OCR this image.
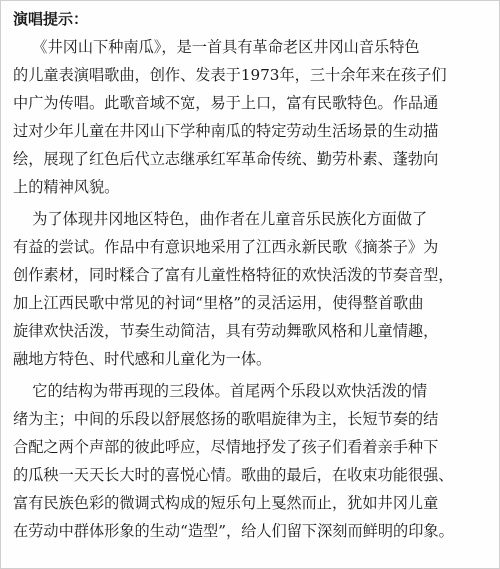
演唱提示：
《井冈山下种南瓜》，是一首具有革命老区井冈山音乐特色
的儿童表演唱歌曲，创作、发表于1973年，三十余年来在孩子们
中广为传唱。此歌音域不宽，易于上口，富有民歌特色。作品通
过对少年儿童在井冈山下学种南瓜的特定劳动生活场景的生动描
绘，展现了红色后代立志继承红军革命传统、勤劳朴素、蓬勃向
上的精神风貌。
为了体现井冈地区特色，曲作者在儿童音乐民族化方面做了
有益的尝试。作品中有意识地采用了江西永新民歌《摘茶子》为
创作素材，同时糅合了富有儿童性格特征的欢快活泼的节奏音型，
加上江西民歌中常见的衬词“里格”的灵活运用，使得整首歌曲
旋律欢快活泼，节奏生动简洁，具有劳动舞歌风格和儿童情趣，
融地方特色、时代感和儿童化为一体。
它的结构为带再现的三段体。首尾两个乐段以欢快活泼的情
绪为主；中间的乐段以舒展悠扬的歌唱旋律为主，长短节奏的结
合配之两个声部的彼此呼应，尽情地抒发了孩子们看着亲手种下
的瓜秧一天天长大时的喜悦心情。歌曲的最后，在收束功能很强、
富有民族色彩的微调式构成的短乐句上戛然而止，犹如井冈儿童
在劳动中群体形象的生动“造型”，给人们留下深刻而鲜明的印象。
